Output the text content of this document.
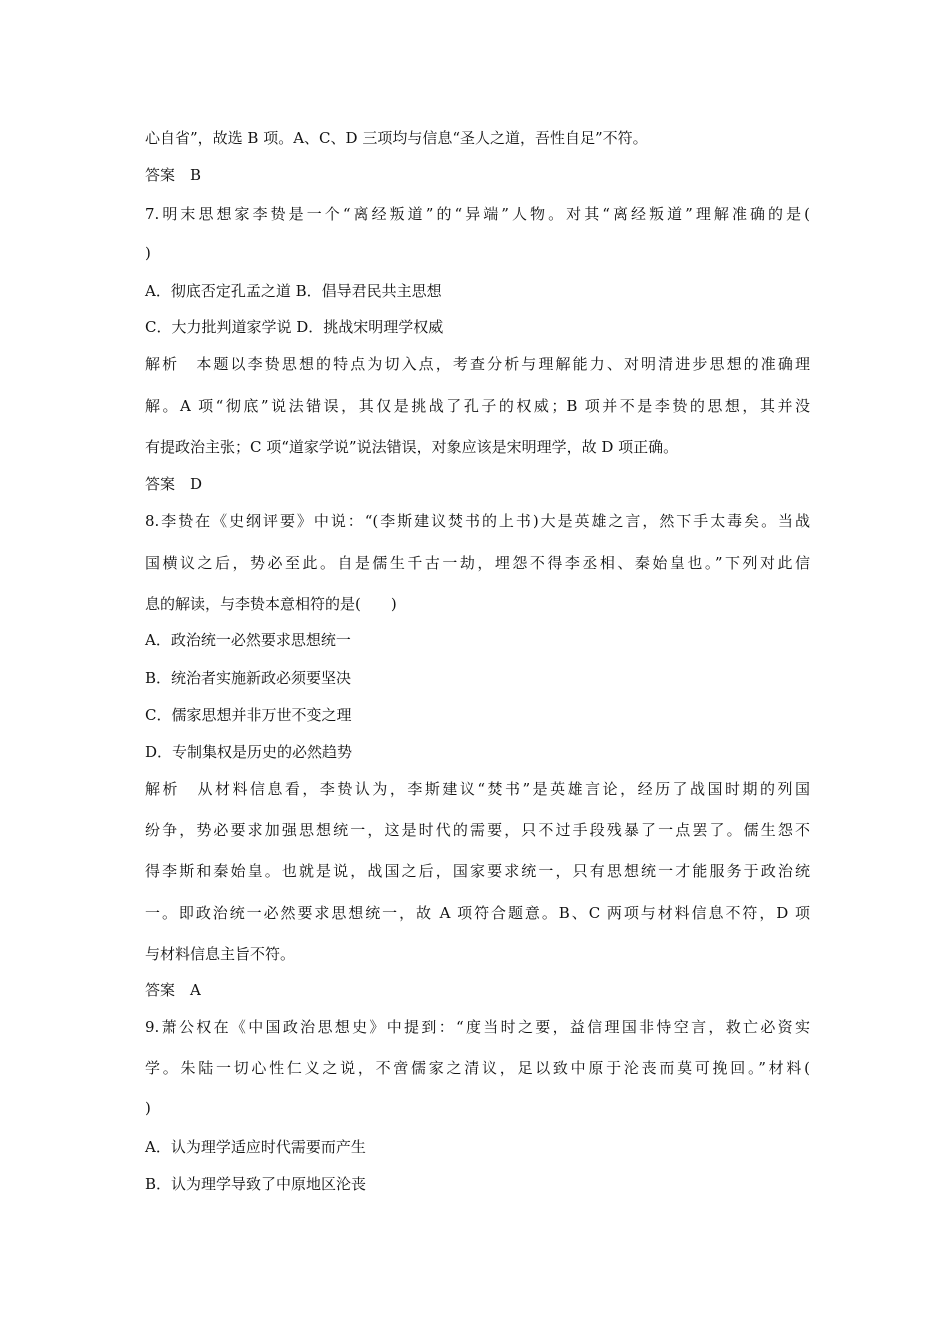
心自省”，故选 B 项。A、C、D 三项均与信息“圣人之道，吾性自足”不符。
答案　B
7.明末思想家李贽是一个“离经叛道”的“异端”人物。对其“离经叛道”理解准确的是(
)
A．彻底否定孔孟之道 B．倡导君民共主思想
C．大力批判道家学说 D．挑战宋明理学权威
解析　本题以李贽思想的特点为切入点，考查分析与理解能力、对明清进步思想的准确理
解。A 项“彻底”说法错误，其仅是挑战了孔子的权威；B 项并不是李贽的思想，其并没
有提政治主张；C 项“道家学说”说法错误，对象应该是宋明理学，故 D 项正确。
答案　D
8.李贽在《史纲评要》中说：“(李斯建议焚书的上书)大是英雄之言，然下手太毒矣。当战
国横议之后，势必至此。自是儒生千古一劫，埋怨不得李丞相、秦始皇也。”下列对此信
息的解读，与李贽本意相符的是(　　)
A．政治统一必然要求思想统一
B．统治者实施新政必须要坚决
C．儒家思想并非万世不变之理
D．专制集权是历史的必然趋势
解析　从材料信息看，李贽认为，李斯建议“焚书”是英雄言论，经历了战国时期的列国
纷争，势必要求加强思想统一，这是时代的需要，只不过手段残暴了一点罢了。儒生怨不
得李斯和秦始皇。也就是说，战国之后，国家要求统一，只有思想统一才能服务于政治统
一。即政治统一必然要求思想统一，故 A 项符合题意。B、C 两项与材料信息不符，D 项
与材料信息主旨不符。
答案　A
9.萧公权在《中国政治思想史》中提到：“度当时之要，益信理国非恃空言，救亡必资实
学。朱陆一切心性仁义之说，不啻儒家之清议，足以致中原于沦丧而莫可挽回。”材料(
)
A．认为理学适应时代需要而产生
B．认为理学导致了中原地区沦丧
